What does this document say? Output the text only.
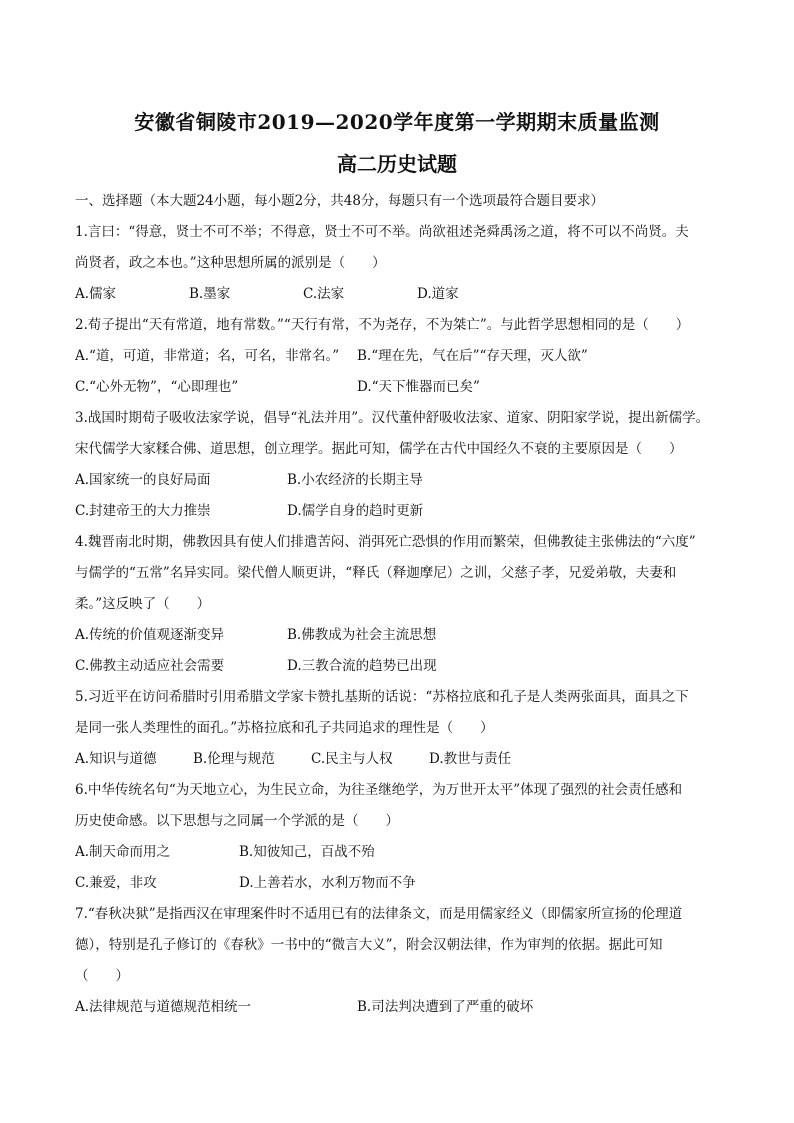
安徽省铜陵市2019—2020学年度第一学期期末质量监测
高二历史试题
一、选择题（本大题24小题，每小题2分，共48分，每题只有一个选项最符合题目要求）
1.言曰：“得意，贤士不可不举；不得意，贤士不可不举。尚欲祖述尧舜禹汤之道，将不可以不尚贤。夫
尚贤者，政之本也。”这种思想所属的派别是（　　）
A.儒家	B.墨家	C.法家	D.道家
2.荀子提出“天有常道，地有常数。”“天行有常，不为尧存，不为桀亡”。与此哲学思想相同的是（　　）
A.“道，可道，非常道；名，可名，非常名。”	B.“理在先，气在后”“存天理，灭人欲”
C.“心外无物”，“心即理也”	D.“天下惟器而已矣”
3.战国时期荀子吸收法家学说，倡导“礼法并用”。汉代董仲舒吸收法家、道家、阴阳家学说，提出新儒学。
宋代儒学大家糅合佛、道思想，创立理学。据此可知，儒学在古代中国经久不衰的主要原因是（　　）
A.国家统一的良好局面	B.小农经济的长期主导
C.封建帝王的大力推崇	D.儒学自身的趋时更新
4.魏晋南北时期，佛教因具有使人们排遣苦闷、消弭死亡恐惧的作用而繁荣，但佛教徒主张佛法的“六度”
与儒学的“五常”名异实同。梁代僧人顺更讲，“释氏（释迦摩尼）之训，父慈子孝，兄爱弟敬，夫妻和
柔。”这反映了（　　）
A.传统的价值观逐渐变异	B.佛教成为社会主流思想
C.佛教主动适应社会需要	D.三教合流的趋势已出现
5.习近平在访问希腊时引用希腊文学家卡赞扎基斯的话说：“苏格拉底和孔子是人类两张面具，面具之下
是同一张人类理性的面孔。”苏格拉底和孔子共同追求的理性是（　　）
A.知识与道德	B.伦理与规范	C.民主与人权	D.教世与责任
6.中华传统名句“为天地立心，为生民立命，为往圣继绝学，为万世开太平”体现了强烈的社会责任感和
历史使命感。以下思想与之同属一个学派的是（　　）
A.制天命而用之	B.知彼知己，百战不殆
C.兼爱，非攻	D.上善若水，水利万物而不争
7.“春秋决狱”是指西汉在审理案件时不适用已有的法律条文，而是用儒家经义（即儒家所宣扬的伦理道
德），特别是孔子修订的《春秋》一书中的“微言大义”，附会汉朝法律，作为审判的依据。据此可知
（　　）
A.法律规范与道德规范相统一	B.司法判决遭到了严重的破坏
